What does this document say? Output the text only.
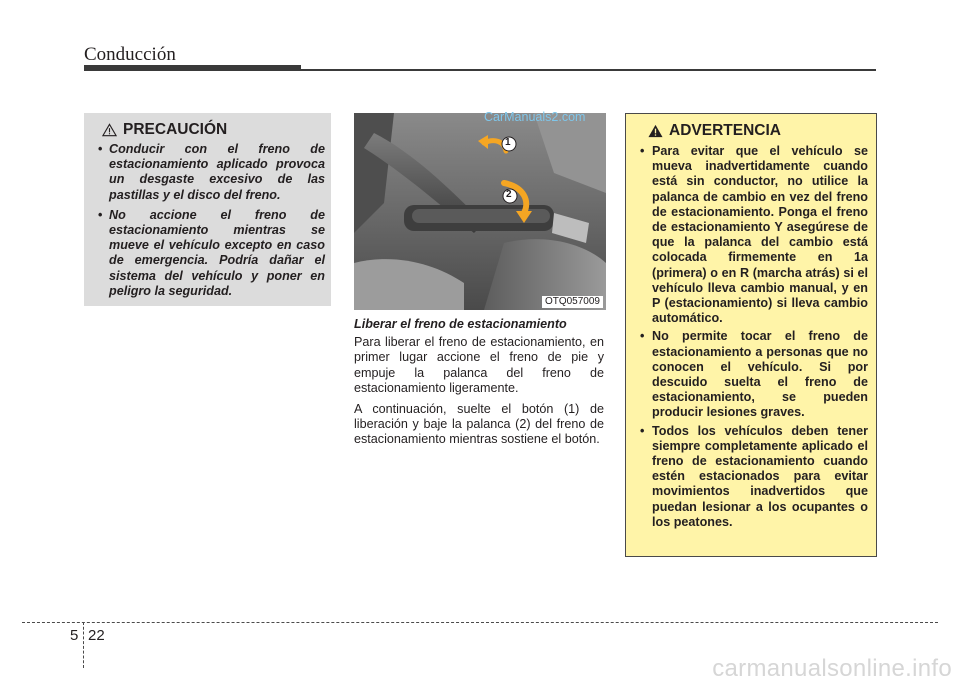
Conducción
PRECAUCIÓN
• Conducir con el freno de estacionamiento aplicado provoca un desgaste excesivo de las pastillas y el disco del freno.
• No accione el freno de estacionamiento mientras se mueve el vehículo excepto en caso de emergencia. Podría dañar el sistema del vehículo y poner en peligro la seguridad.
1
2
OTQ057009
CarManuals2.com

Liberar el freno de estacionamiento

Para liberar el freno de estacionamiento, en primer lugar accione el freno de pie y empuje la palanca del freno de estacionamiento ligeramente.

A continuación, suelte el botón (1) de liberación y baje la palanca (2) del freno de estacionamiento mientras sostiene el botón.

ADVERTENCIA
• Para evitar que el vehículo se mueva inadvertidamente cuando está sin conductor, no utilice la palanca de cambio en vez del freno de estacionamiento. Ponga el freno de estacionamiento Y asegúrese de que la palanca del cambio está colocada firmemente en 1a (primera) o en R (marcha atrás) si el vehículo lleva cambio manual, y en P (estacionamiento) si lleva cambio automático.
• No permite tocar el freno de estacionamiento a personas que no conocen el vehículo. Si por descuido suelta el freno de estacionamiento, se pueden producir lesiones graves.
• Todos los vehículos deben tener siempre completamente aplicado el freno de estacionamiento cuando estén estacionados para evitar movimientos inadvertidos que puedan lesionar a los ocupantes o los peatones.
5 22
carmanualsonline.info
